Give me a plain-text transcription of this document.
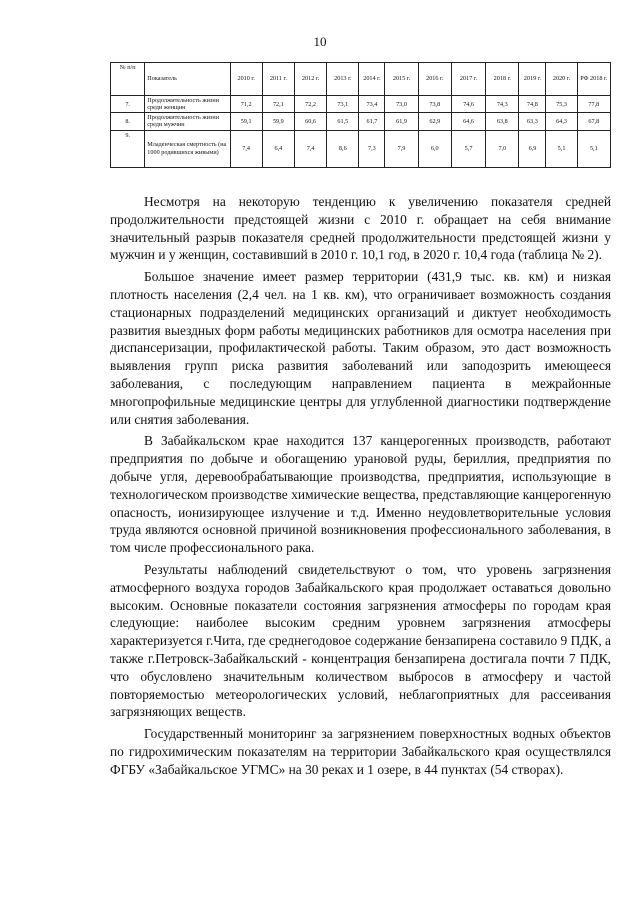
10
№ п/п	Показатель	2010 г.	2011 г.	2012 г.	2013 г.	2014 г.	2015 г.	2016 г.	2017 г.	2018 г.	2019 г.	2020 г.	РФ 2018 г.
7.	Продолжительность жизни среди женщин	71,2	72,1	72,2	73,1	73,4	73,0	73,8	74,6	74,3	74,8	75,3	77,8
8.	Продолжительность жизни среди мужчин	59,1	59,9	60,6	61,5	61,7	61,9	62,9	64,6	63,8	63,3	64,3	67,8
9.	Младенческая смертность (на 1000 родившихся живыми)	7,4	6,4	7,4	8,6	7,3	7,9	6,0	5,7	7,0	6,9	5,1	5,1

Несмотря на некоторую тенденцию к увеличению показателя средней продолжительности предстоящей жизни с 2010 г. обращает на себя внимание значительный разрыв показателя средней продолжительности предстоящей жизни у мужчин и у женщин, составивший в 2010 г. 10,1 год, в 2020 г. 10,4 года (таблица № 2).

Большое значение имеет размер территории (431,9 тыс. кв. км) и низкая плотность населения (2,4 чел. на 1 кв. км), что ограничивает возможность создания стационарных подразделений медицинских организаций и диктует необходимость развития выездных форм работы медицинских работников для осмотра населения при диспансеризации, профилактической работы. Таким образом, это даст возможность выявления групп риска развития заболеваний или заподозрить имеющееся заболевания, с последующим направлением пациента в межрайонные многопрофильные медицинские центры для углубленной диагностики подтверждение или снятия заболевания.

В Забайкальском крае находится 137 канцерогенных производств, работают предприятия по добыче и обогащению урановой руды, бериллия, предприятия по добыче угля, деревообрабатывающие производства, предприятия, использующие в технологическом производстве химические вещества, представляющие канцерогенную опасность, ионизирующее излучение и т.д. Именно неудовлетворительные условия труда являются основной причиной возникновения профессионального заболевания, в том числе профессионального рака.

Результаты наблюдений свидетельствуют о том, что уровень загрязнения атмосферного воздуха городов Забайкальского края продолжает оставаться довольно высоким. Основные показатели состояния загрязнения атмосферы по городам края следующие: наиболее высоким средним уровнем загрязнения атмосферы характеризуется г.Чита, где среднегодовое содержание бензапирена составило 9 ПДК, а также г.Петровск-Забайкальский - концентрация бензапирена достигала почти 7 ПДК, что обусловлено значительным количеством выбросов в атмосферу и частой повторяемостью метеорологических условий, неблагоприятных для рассеивания загрязняющих веществ.

Государственный мониторинг за загрязнением поверхностных водных объектов по гидрохимическим показателям на территории Забайкальского края осуществлялся ФГБУ «Забайкальское УГМС» на 30 реках и 1 озере, в 44 пунктах (54 створах).
